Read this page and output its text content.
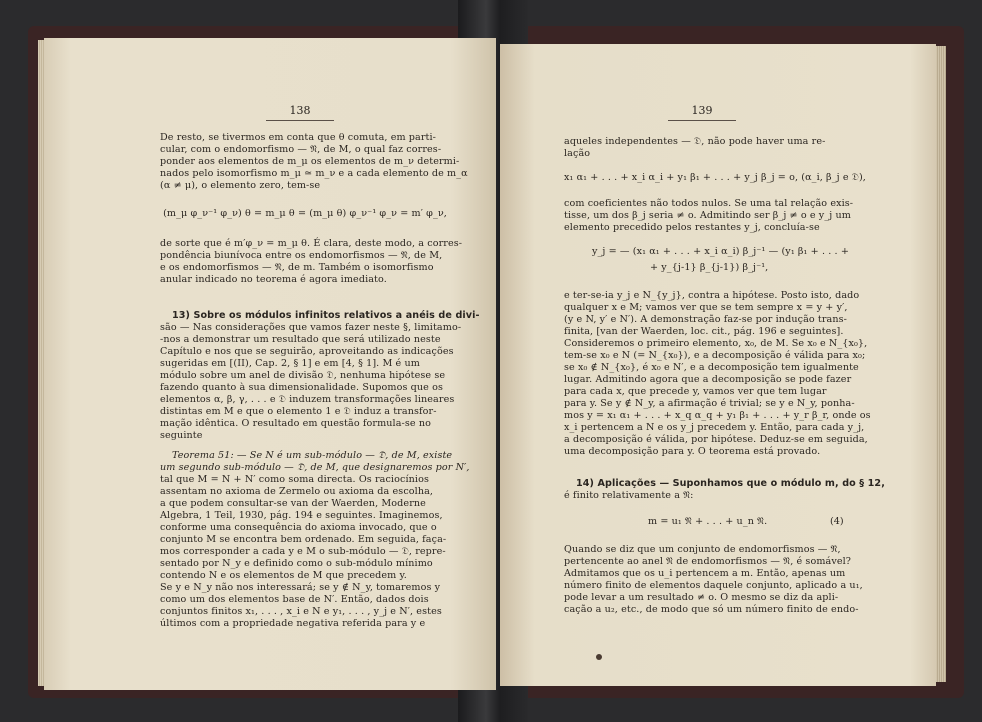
138
De resto, se tivermos em conta que θ comuta, em parti-
cular, com o endomorfismo — 𝔑, de M, o qual faz corres-
ponder aos elementos de m_μ os elementos de m_ν determi-
nados pelo isomorfismo m_μ ≃ m_ν e a cada elemento de m_α
(α ≠ μ), o elemento zero, tem-se
(m_μ φ_ν⁻¹ φ_ν) θ = m_μ θ = (m_μ θ) φ_ν⁻¹ φ_ν = m′ φ_ν,
de sorte que é m′φ_ν = m_μ θ. É clara, deste modo, a corres-
pondência biunívoca entre os endomorfismos — 𝔑, de M,
e os endomorfismos — 𝔑, de m. Também o isomorfismo
anular indicado no teorema é agora imediato.
13) Sobre os módulos infinitos relativos a anéis de divi-
são — Nas considerações que vamos fazer neste §, limitamo-
-nos a demonstrar um resultado que será utilizado neste
Capítulo e nos que se seguirão, aproveitando as indicações
sugeridas em [(II), Cap. 2, § 1] e em [4, § 1]. M é um
módulo sobre um anel de divisão 𝔇, nenhuma hipótese se
fazendo quanto à sua dimensionalidade. Supomos que os
elementos α, β, γ, . . . e 𝔇 induzem transformações lineares
distintas em M e que o elemento 1 e 𝔇 induz a transfor-
mação idêntica. O resultado em questão formula-se no
seguinte
Teorema 51: — Se N é um sub-módulo — 𝔇, de M, existe
um segundo sub-módulo — 𝔇, de M, que designaremos por N′,
tal que M = N + N′ como soma directa. Os raciocínios
assentam no axioma de Zermelo ou axioma da escolha,
a que podem consultar-se van der Waerden, Moderne
Algebra, 1 Teil, 1930, pág. 194 e seguintes. Imaginemos,
conforme uma consequência do axioma invocado, que o
conjunto M se encontra bem ordenado. Em seguida, faça-
mos corresponder a cada y e M o sub-módulo — 𝔇, repre-
sentado por N_y e definido como o sub-módulo mínimo
contendo N e os elementos de M que precedem y.
Se y e N_y não nos interessará; se y ∉ N_y, tomaremos y
como um dos elementos base de N′. Então, dados dois
conjuntos finitos x₁, . . . , x_i e N e y₁, . . . , y_j e N′, estes
últimos com a propriedade negativa referida para y e
139
aqueles independentes — 𝔇, não pode haver uma re-
lação
x₁ α₁ + . . . + x_i α_i + y₁ β₁ + . . . + y_j β_j = o, (α_i, β_j e 𝔇),
com coeficientes não todos nulos. Se uma tal relação exis-
tisse, um dos β_j seria ≠ o. Admitindo ser β_j ≠ o e y_j um
elemento precedido pelos restantes y_j, concluía-se
y_j = — (x₁ α₁ + . . . + x_i α_i) β_j⁻¹ — (y₁ β₁ + . . . +
+ y_{j-1} β_{j-1}) β_j⁻¹,
e ter-se-ia y_j e N_{y_j}, contra a hipótese. Posto isto, dado
qualquer x e M; vamos ver que se tem sempre x = y + y′,
(y e N, y′ e N′). A demonstração faz-se por indução trans-
finita, [van der Waerden, loc. cit., pág. 196 e seguintes].
Consideremos o primeiro elemento, x₀, de M. Se x₀ e N_{x₀},
tem-se x₀ e N (= N_{x₀}), e a decomposição é válida para x₀;
se x₀ ∉ N_{x₀}, é x₀ e N′, e a decomposição tem igualmente
lugar. Admitindo agora que a decomposição se pode fazer
para cada x, que precede y, vamos ver que tem lugar
para y. Se y ∉ N_y, a afirmação é trivial; se y e N_y, ponha-
mos y = x₁ α₁ + . . . + x_q α_q + y₁ β₁ + . . . + y_r β_r, onde os
x_i pertencem a N e os y_j precedem y. Então, para cada y_j,
a decomposição é válida, por hipótese. Deduz-se em seguida,
uma decomposição para y. O teorema está provado.
14) Aplicações — Suponhamos que o módulo m, do § 12,
é finito relativamente a 𝔑:
m = u₁ 𝔑 + . . . + u_n 𝔑.	(4)
Quando se diz que um conjunto de endomorfismos — 𝔑,
pertencente ao anel 𝔑 de endomorfismos — 𝔑, é somável?
Admitamos que os u_i pertencem a m. Então, apenas um
número finito de elementos daquele conjunto, aplicado a u₁,
pode levar a um resultado ≠ o. O mesmo se diz da apli-
cação a u₂, etc., de modo que só um número finito de endo-
